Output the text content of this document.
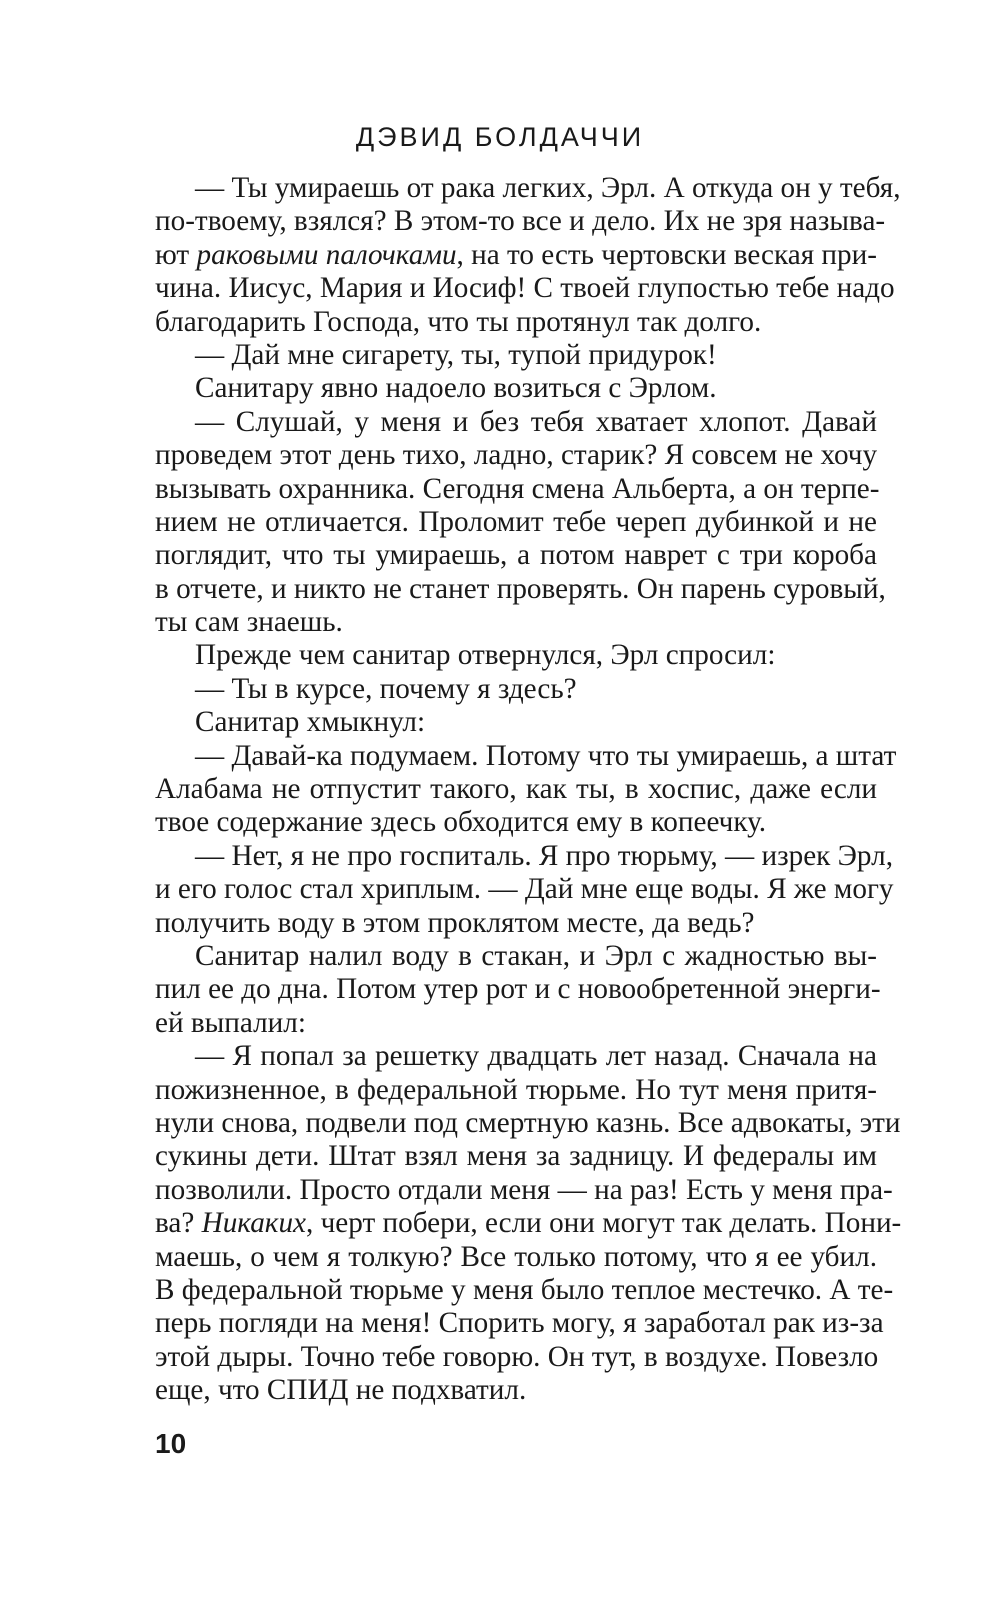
ДЭВИД БОЛДАЧЧИ
— Ты умираешь от рака легких, Эрл. А откуда он у тебя,
по-твоему, взялся? В этом-то все и дело. Их не зря называ-
ют раковыми палочками, на то есть чертовски веская при-
чина. Иисус, Мария и Иосиф! С твоей глупостью тебе надо
благодарить Господа, что ты протянул так долго.
— Дай мне сигарету, ты, тупой придурок!
Санитару явно надоело возиться с Эрлом.
— Слушай, у меня и без тебя хватает хлопот. Давай
проведем этот день тихо, ладно, старик? Я совсем не хочу
вызывать охранника. Сегодня смена Альберта, а он терпе-
нием не отличается. Проломит тебе череп дубинкой и не
поглядит, что ты умираешь, а потом наврет с три короба
в отчете, и никто не станет проверять. Он парень суровый,
ты сам знаешь.
Прежде чем санитар отвернулся, Эрл спросил:
— Ты в курсе, почему я здесь?
Санитар хмыкнул:
— Давай-ка подумаем. Потому что ты умираешь, а штат
Алабама не отпустит такого, как ты, в хоспис, даже если
твое содержание здесь обходится ему в копеечку.
— Нет, я не про госпиталь. Я про тюрьму, — изрек Эрл,
и его голос стал хриплым. — Дай мне еще воды. Я же могу
получить воду в этом проклятом месте, да ведь?
Санитар налил воду в стакан, и Эрл с жадностью вы-
пил ее до дна. Потом утер рот и с новообретенной энерги-
ей выпалил:
— Я попал за решетку двадцать лет назад. Сначала на
пожизненное, в федеральной тюрьме. Но тут меня притя-
нули снова, подвели под смертную казнь. Все адвокаты, эти
сукины дети. Штат взял меня за задницу. И федералы им
позволили. Просто отдали меня — на раз! Есть у меня пра-
ва? Никаких, черт побери, если они могут так делать. Пони-
маешь, о чем я толкую? Все только потому, что я ее убил.
В федеральной тюрьме у меня было теплое местечко. А те-
перь погляди на меня! Спорить могу, я заработал рак из-за
этой дыры. Точно тебе говорю. Он тут, в воздухе. Повезло
еще, что СПИД не подхватил.
10
